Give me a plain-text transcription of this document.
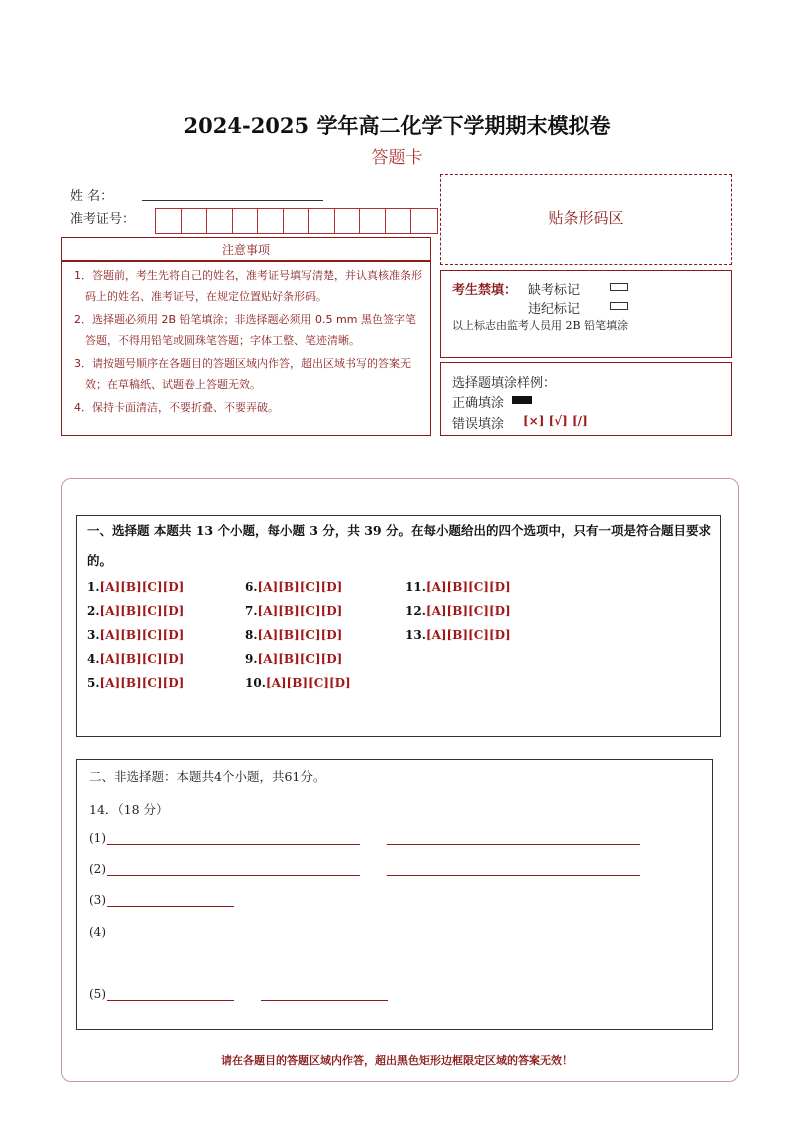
2024-2025 学年高二化学下学期期末模拟卷
答题卡
姓 名：
准考证号：
注意事项

1．答题前，考生先将自己的姓名，准考证号填写清楚，并认真核准条形码上的姓名、准考证号，在规定位置贴好条形码。

2．选择题必须用 2B 铅笔填涂；非选择题必须用 0.5 mm 黑色签字笔答题，不得用铅笔或圆珠笔答题；字体工整、笔迹清晰。

3．请按题号顺序在各题目的答题区域内作答，超出区域书写的答案无效；在草稿纸、试题卷上答题无效。

4．保持卡面清洁，不要折叠、不要弄破。

贴条形码区
考生禁填： 缺考标记
违纪标记
以上标志由监考人员用 2B 铅笔填涂
选择题填涂样例：
正确填涂
错误填涂 [×] [√] [/]
一、选择题 本题共 13 个小题，每小题 3 分，共 39 分。在每小题给出的四个选项中，只有一项是符合题目要求的。
1.[A][B][C][D]
2.[A][B][C][D]
3.[A][B][C][D]
4.[A][B][C][D]
5.[A][B][C][D]
6.[A][B][C][D]
7.[A][B][C][D]
8.[A][B][C][D]
9.[A][B][C][D]
10.[A][B][C][D]
11.[A][B][C][D]
12.[A][B][C][D]
13.[A][B][C][D]
二、非选择题：本题共4个小题，共61分。
14．（18 分）
(1)
(2)
(3)
(4)
(5)
请在各题目的答题区域内作答，超出黑色矩形边框限定区域的答案无效！
